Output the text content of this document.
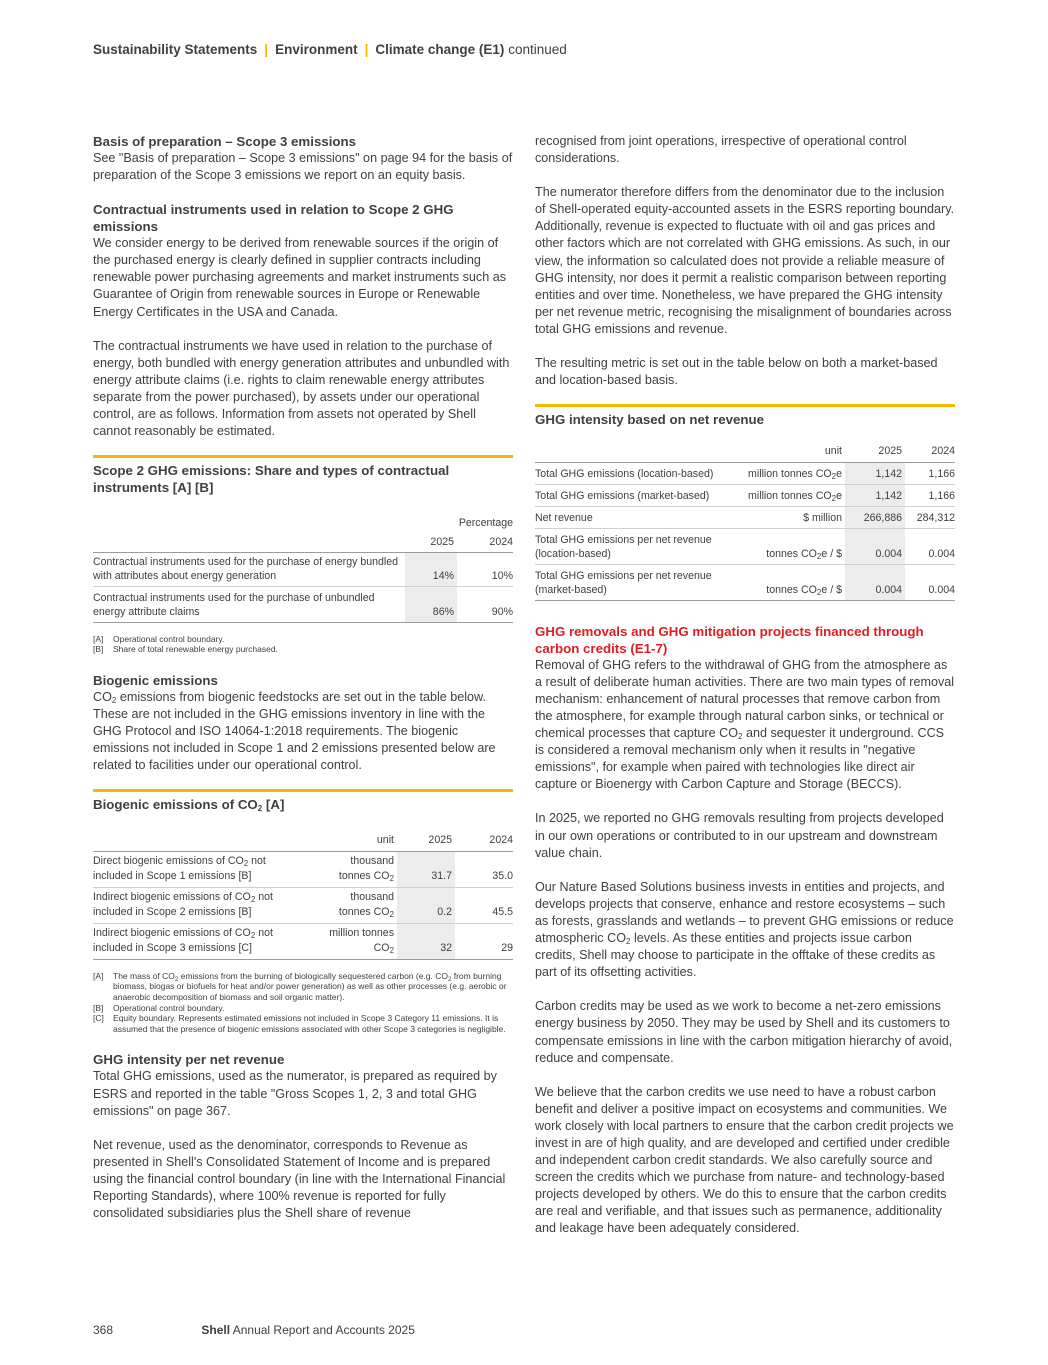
Sustainability Statements | Environment | Climate change (E1) continued
Basis of preparation – Scope 3 emissions

See "Basis of preparation – Scope 3 emissions" on page 94 for the basis of preparation of the Scope 3 emissions we report on an equity basis.

Contractual instruments used in relation to Scope 2 GHG emissions

We consider energy to be derived from renewable sources if the origin of the purchased energy is clearly defined in supplier contracts including renewable power purchasing agreements and market instruments such as Guarantee of Origin from renewable sources in Europe or Renewable Energy Certificates in the USA and Canada.

The contractual instruments we have used in relation to the purchase of energy, both bundled with energy generation attributes and unbundled with energy attribute claims (i.e. rights to claim renewable energy attributes separate from the power purchased), by assets under our operational control, are as follows. Information from assets not operated by Shell cannot reasonably be estimated.

Scope 2 GHG emissions: Share and types of contractual instruments [A] [B]
	Percentage	
	2025	2024
Contractual instruments used for the purchase of energy bundled with attributes about energy generation	14%	10%
Contractual instruments used for the purchase of unbundled energy attribute claims	86%	90%
[A]	Operational control boundary.
[B]	Share of total renewable energy purchased.
Biogenic emissions

$CO_2$ emissions from biogenic feedstocks are set out in the table below. These are not included in the GHG emissions inventory in line with the GHG Protocol and ISO 14064-1:2018 requirements. The biogenic emissions not included in Scope 1 and 2 emissions presented below are related to facilities under our operational control.

Biogenic emissions of $CO_2$ [A]
	unit	2025	2024
Direct biogenic emissions of $CO_2$ not included in Scope 1 emissions [B]	thousand
tonnes $CO_2$	31.7	35.0
Indirect biogenic emissions of $CO_2$ not included in Scope 2 emissions [B]	thousand
tonnes $CO_2$	0.2	45.5
Indirect biogenic emissions of $CO_2$ not included in Scope 3 emissions [C]	million tonnes
$CO_2$	32	29
[A]	The mass of $CO_2$ emissions from the burning of biologically sequestered carbon (e.g. $CO_2$ from burning biomass, biogas or biofuels for heat and/or power generation) as well as other processes (e.g. aerobic or anaerobic decomposition of biomass and soil organic matter).
[B]	Operational control boundary.
[C]	Equity boundary. Represents estimated emissions not included in Scope 3 Category 11 emissions. It is assumed that the presence of biogenic emissions associated with other Scope 3 categories is negligible.
GHG intensity per net revenue

Total GHG emissions, used as the numerator, is prepared as required by ESRS and reported in the table "Gross Scopes 1, 2, 3 and total GHG emissions" on page 367.

Net revenue, used as the denominator, corresponds to Revenue as presented in Shell's Consolidated Statement of Income and is prepared using the financial control boundary (in line with the International Financial Reporting Standards), where 100% revenue is reported for fully consolidated subsidiaries plus the Shell share of revenue

recognised from joint operations, irrespective of operational control considerations.

The numerator therefore differs from the denominator due to the inclusion of Shell-operated equity-accounted assets in the ESRS reporting boundary. Additionally, revenue is expected to fluctuate with oil and gas prices and other factors which are not correlated with GHG emissions. As such, in our view, the information so calculated does not provide a reliable measure of GHG intensity, nor does it permit a realistic comparison between reporting entities and over time. Nonetheless, we have prepared the GHG intensity per net revenue metric, recognising the misalignment of boundaries across total GHG emissions and revenue.

The resulting metric is set out in the table below on both a market-based and location-based basis.

GHG intensity based on net revenue
	unit	2025	2024
Total GHG emissions (location-based)	million tonnes $CO_2e$	1,142	1,166
Total GHG emissions (market-based)	million tonnes $CO_2e$	1,142	1,166
Net revenue	$ million	266,886	284,312
Total GHG emissions per net revenue
(location-based)	tonnes $CO_2e$ / $	0.004	0.004
Total GHG emissions per net revenue
(market-based)	tonnes $CO_2e$ / $	0.004	0.004
GHG removals and GHG mitigation projects financed through carbon credits (E1-7)

Removal of GHG refers to the withdrawal of GHG from the atmosphere as a result of deliberate human activities. There are two main types of removal mechanism: enhancement of natural processes that remove carbon from the atmosphere, for example through natural carbon sinks, or technical or chemical processes that capture $CO_2$ and sequester it underground. CCS is considered a removal mechanism only when it results in "negative emissions", for example when paired with technologies like direct air capture or Bioenergy with Carbon Capture and Storage (BECCS).

In 2025, we reported no GHG removals resulting from projects developed in our own operations or contributed to in our upstream and downstream value chain.

Our Nature Based Solutions business invests in entities and projects, and develops projects that conserve, enhance and restore ecosystems – such as forests, grasslands and wetlands – to prevent GHG emissions or reduce atmospheric $CO_2$ levels. As these entities and projects issue carbon credits, Shell may choose to participate in the offtake of these credits as part of its offsetting activities.

Carbon credits may be used as we work to become a net-zero emissions energy business by 2050. They may be used by Shell and its customers to compensate emissions in line with the carbon mitigation hierarchy of avoid, reduce and compensate.

We believe that the carbon credits we use need to have a robust carbon benefit and deliver a positive impact on ecosystems and communities. We work closely with local partners to ensure that the carbon credit projects we invest in are of high quality, and are developed and certified under credible and independent carbon credit standards. We also carefully source and screen the credits which we purchase from nature- and technology-based projects developed by others. We do this to ensure that the carbon credits are real and verifiable, and that issues such as permanence, additionality and leakage have been adequately considered.

368	Shell Annual Report and Accounts 2025
